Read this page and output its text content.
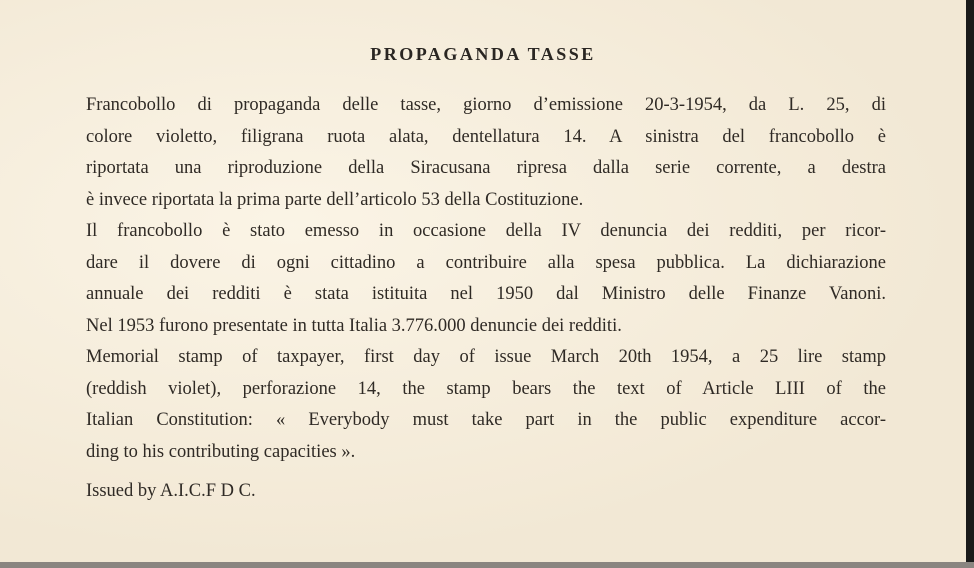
PROPAGANDA TASSE
Francobollo di propaganda delle tasse, giorno d’emissione 20-3-1954, da L. 25, di
colore violetto, filigrana ruota alata, dentellatura 14. A sinistra del francobollo è
riportata una riproduzione della Siracusana ripresa dalla serie corrente, a destra
è invece riportata la prima parte dell’articolo 53 della Costituzione.
Il francobollo è stato emesso in occasione della IV denuncia dei redditi, per ricor-
dare il dovere di ogni cittadino a contribuire alla spesa pubblica. La dichiarazione
annuale dei redditi è stata istituita nel 1950 dal Ministro delle Finanze Vanoni.
Nel 1953 furono presentate in tutta Italia 3.776.000 denuncie dei redditi.
Memorial stamp of taxpayer, first day of issue March 20th 1954, a 25 lire stamp
(reddish violet), perforazione 14, the stamp bears the text of Article LIII of the
Italian Constitution: « Everybody must take part in the public expenditure accor-
ding to his contributing capacities ».
Issued by A.I.C.F D C.
